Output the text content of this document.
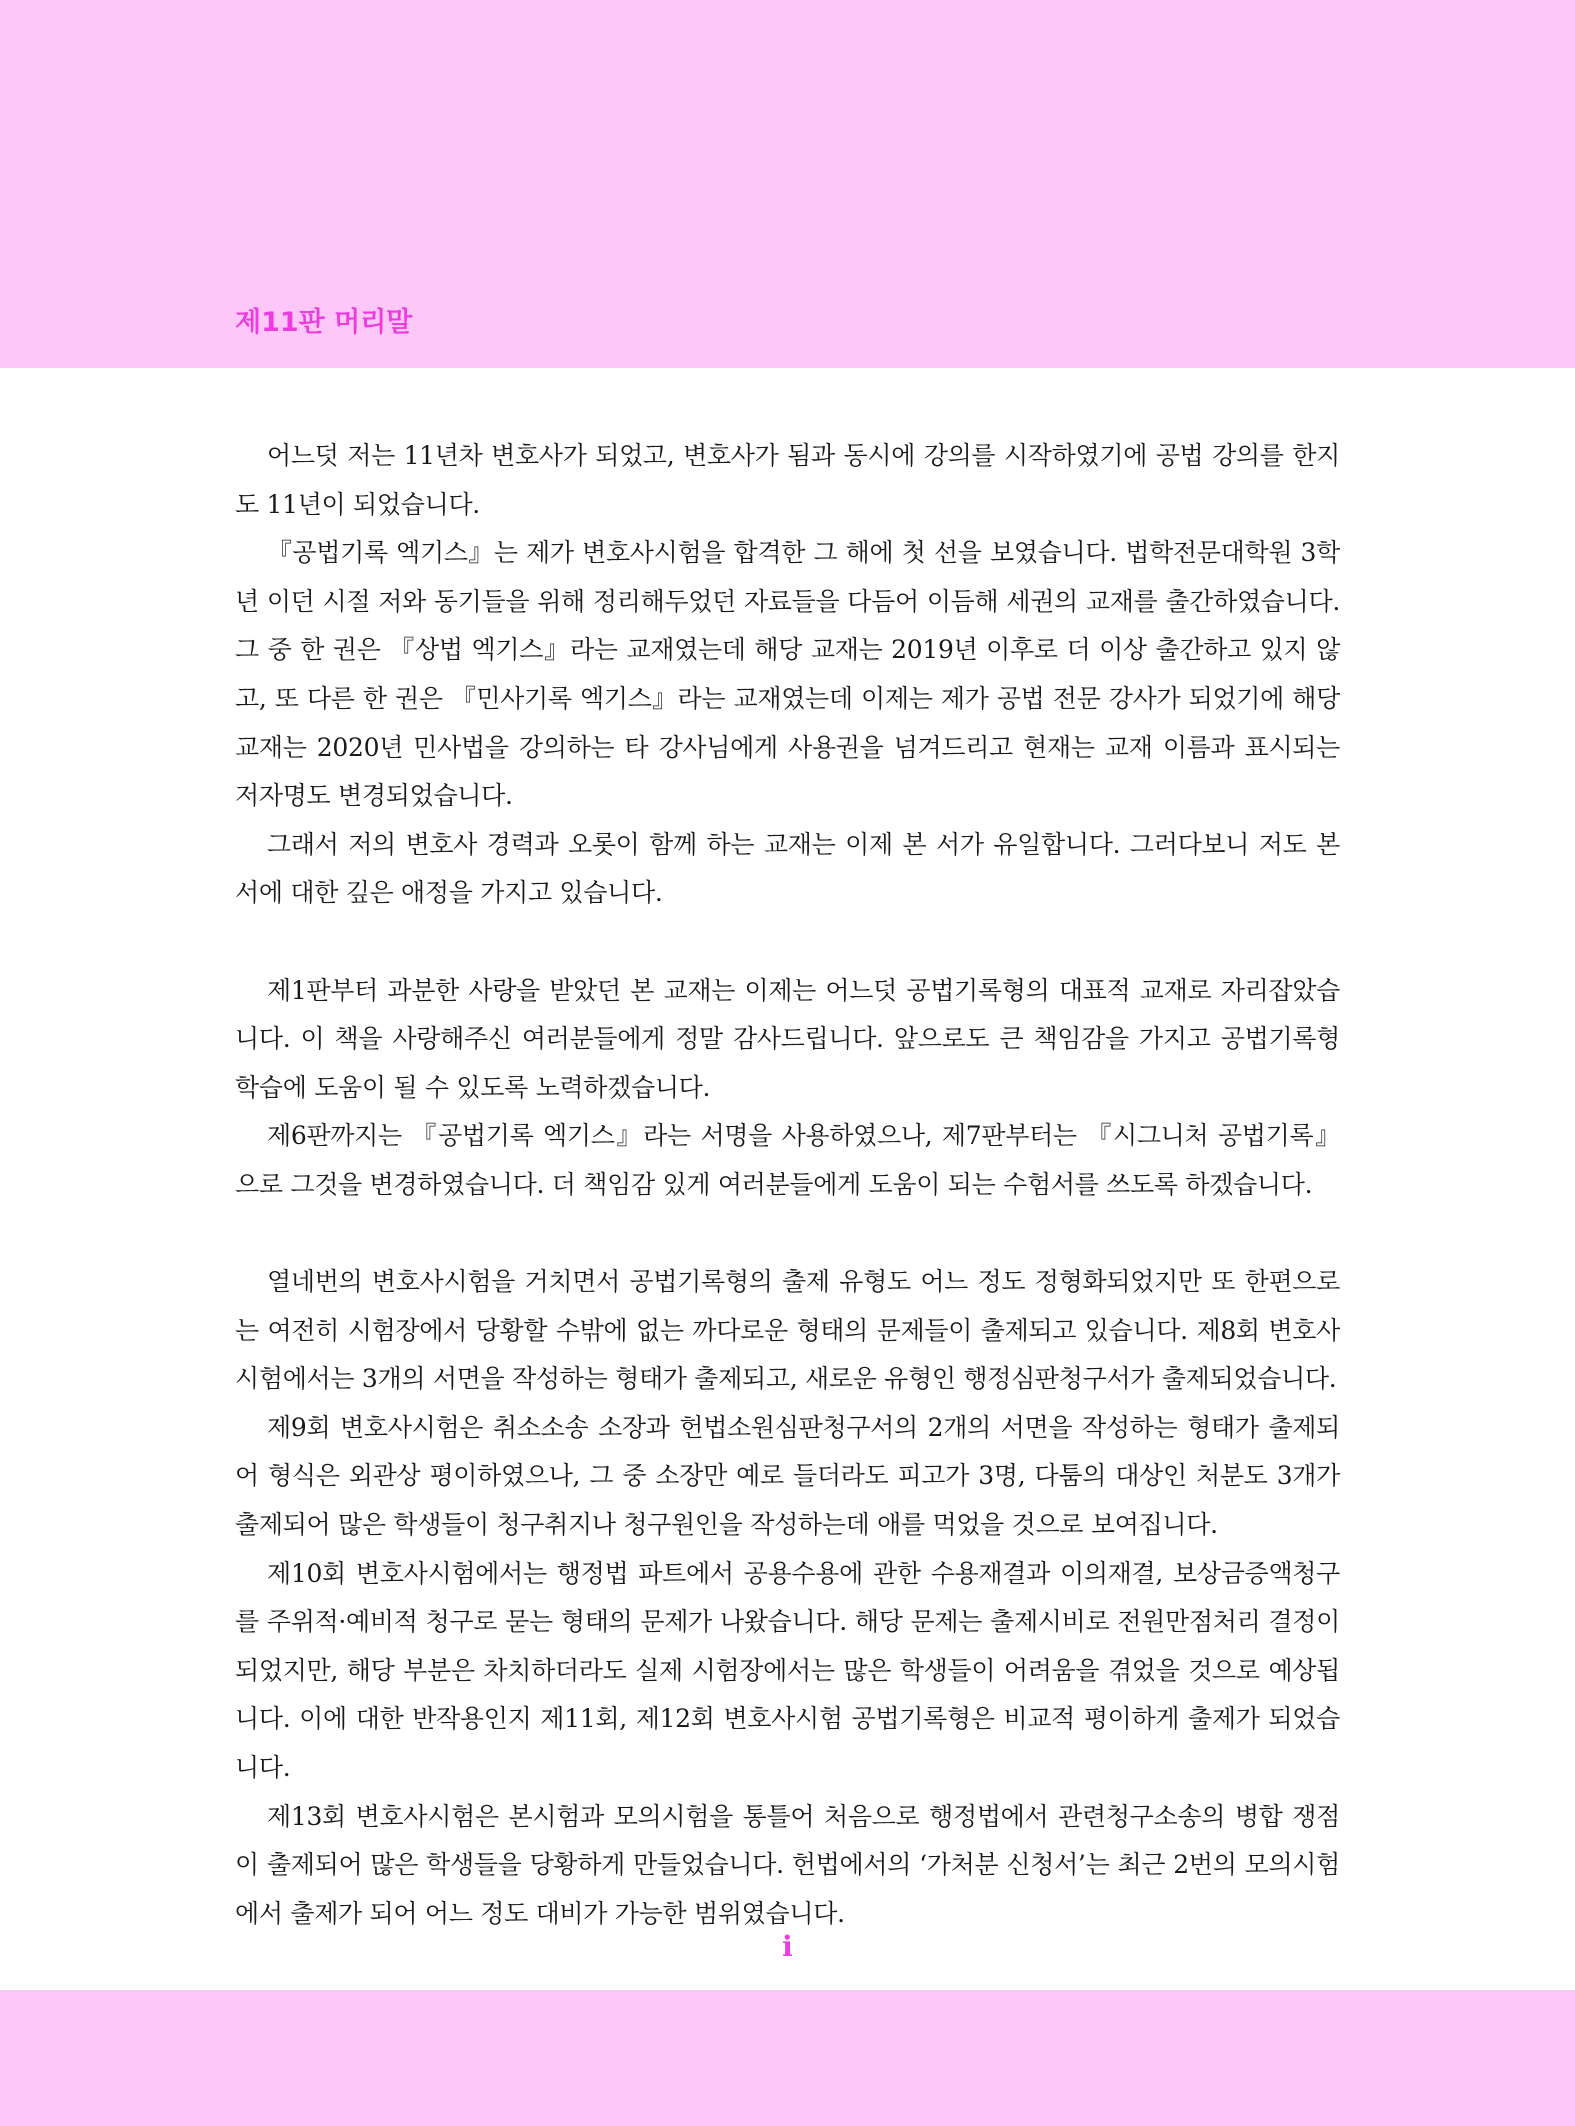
제11판 머리말

어느덧 저는 11년차 변호사가 되었고, 변호사가 됨과 동시에 강의를 시작하였기에 공법 강의를 한지도 11년이 되었습니다.

『공법기록 엑기스』는 제가 변호사시험을 합격한 그 해에 첫 선을 보였습니다. 법학전문대학원 3학년 이던 시절 저와 동기들을 위해 정리해두었던 자료들을 다듬어 이듬해 세권의 교재를 출간하였습니다. 그 중 한 권은 『상법 엑기스』라는 교재였는데 해당 교재는 2019년 이후로 더 이상 출간하고 있지 않고, 또 다른 한 권은 『민사기록 엑기스』라는 교재였는데 이제는 제가 공법 전문 강사가 되었기에 해당 교재는 2020년 민사법을 강의하는 타 강사님에게 사용권을 넘겨드리고 현재는 교재 이름과 표시되는 저자명도 변경되었습니다.

그래서 저의 변호사 경력과 오롯이 함께 하는 교재는 이제 본 서가 유일합니다. 그러다보니 저도 본 서에 대한 깊은 애정을 가지고 있습니다.

제1판부터 과분한 사랑을 받았던 본 교재는 이제는 어느덧 공법기록형의 대표적 교재로 자리잡았습니다. 이 책을 사랑해주신 여러분들에게 정말 감사드립니다. 앞으로도 큰 책임감을 가지고 공법기록형 학습에 도움이 될 수 있도록 노력하겠습니다.

제6판까지는 『공법기록 엑기스』라는 서명을 사용하였으나, 제7판부터는 『시그니처 공법기록』으로 그것을 변경하였습니다. 더 책임감 있게 여러분들에게 도움이 되는 수험서를 쓰도록 하겠습니다.

열네번의 변호사시험을 거치면서 공법기록형의 출제 유형도 어느 정도 정형화되었지만 또 한편으로는 여전히 시험장에서 당황할 수밖에 없는 까다로운 형태의 문제들이 출제되고 있습니다. 제8회 변호사시험에서는 3개의 서면을 작성하는 형태가 출제되고, 새로운 유형인 행정심판청구서가 출제되었습니다.

제9회 변호사시험은 취소소송 소장과 헌법소원심판청구서의 2개의 서면을 작성하는 형태가 출제되어 형식은 외관상 평이하였으나, 그 중 소장만 예로 들더라도 피고가 3명, 다툼의 대상인 처분도 3개가 출제되어 많은 학생들이 청구취지나 청구원인을 작성하는데 애를 먹었을 것으로 보여집니다.

제10회 변호사시험에서는 행정법 파트에서 공용수용에 관한 수용재결과 이의재결, 보상금증액청구를 주위적·예비적 청구로 묻는 형태의 문제가 나왔습니다. 해당 문제는 출제시비로 전원만점처리 결정이 되었지만, 해당 부분은 차치하더라도 실제 시험장에서는 많은 학생들이 어려움을 겪었을 것으로 예상됩니다. 이에 대한 반작용인지 제11회, 제12회 변호사시험 공법기록형은 비교적 평이하게 출제가 되었습니다.

제13회 변호사시험은 본시험과 모의시험을 통틀어 처음으로 행정법에서 관련청구소송의 병합 쟁점이 출제되어 많은 학생들을 당황하게 만들었습니다. 헌법에서의 ‘가처분 신청서’는 최근 2번의 모의시험에서 출제가 되어 어느 정도 대비가 가능한 범위였습니다.

i
